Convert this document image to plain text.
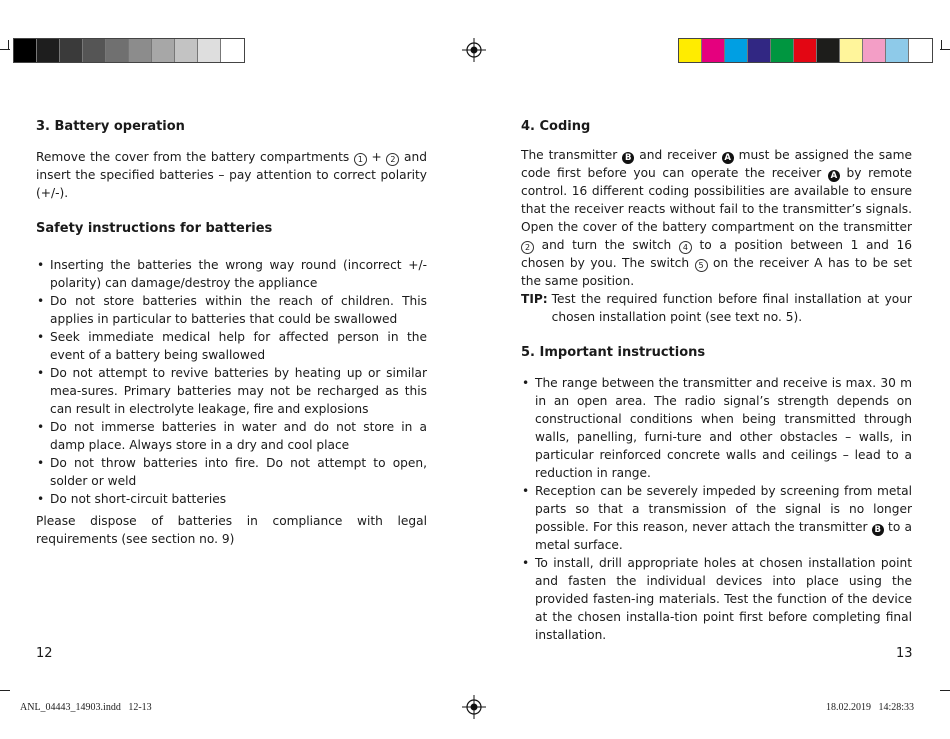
3. Battery operation

Remove the cover from the battery compartments 1 + 2 and insert the specified batteries – pay attention to correct polarity (+/-).

Safety instructions for batteries
• Inserting the batteries the wrong way round (incorrect +/- polarity) can damage/destroy the appliance
• Do not store batteries within the reach of children. This applies in particular to batteries that could be swallowed
• Seek immediate medical help for affected person in the event of a battery being swallowed
• Do not attempt to revive batteries by heating up or similar mea-sures. Primary batteries may not be recharged as this can result in electrolyte leakage, fire and explosions
• Do not immerse batteries in water and do not store in a damp place. Always store in a dry and cool place
• Do not throw batteries into fire. Do not attempt to open, solder or weld
• Do not short-circuit batteries

Please dispose of batteries in compliance with legal requirements (see section no. 9)

12
4. Coding

The transmitter B and receiver A must be assigned the same code first before you can operate the receiver A by remote control. 16 different coding possibilities are available to ensure that the receiver reacts without fail to the transmitter’s signals. Open the cover of the battery compartment on the transmitter 2 and turn the switch 4 to a position between 1 and 16 chosen by you. The switch 5 on the receiver A has to be set the same position.

TIP: Test the required function before final installation at your chosen installation point (see text no. 5).
5. Important instructions
• The range between the transmitter and receive is max. 30 m in an open area. The radio signal’s strength depends on constructional conditions when being transmitted through walls, panelling, furni-ture and other obstacles – walls, in particular reinforced concrete walls and ceilings – lead to a reduction in range.
• Reception can be severely impeded by screening from metal parts so that a transmission of the signal is no longer possible. For this reason, never attach the transmitter B to a metal surface.
• To install, drill appropriate holes at chosen installation point and fasten the individual devices into place using the provided fasten-ing materials. Test the function of the device at the chosen installa-tion point first before completing final installation.
13
ANL_04443_14903.indd   12-13	18.02.2019   14:28:33
